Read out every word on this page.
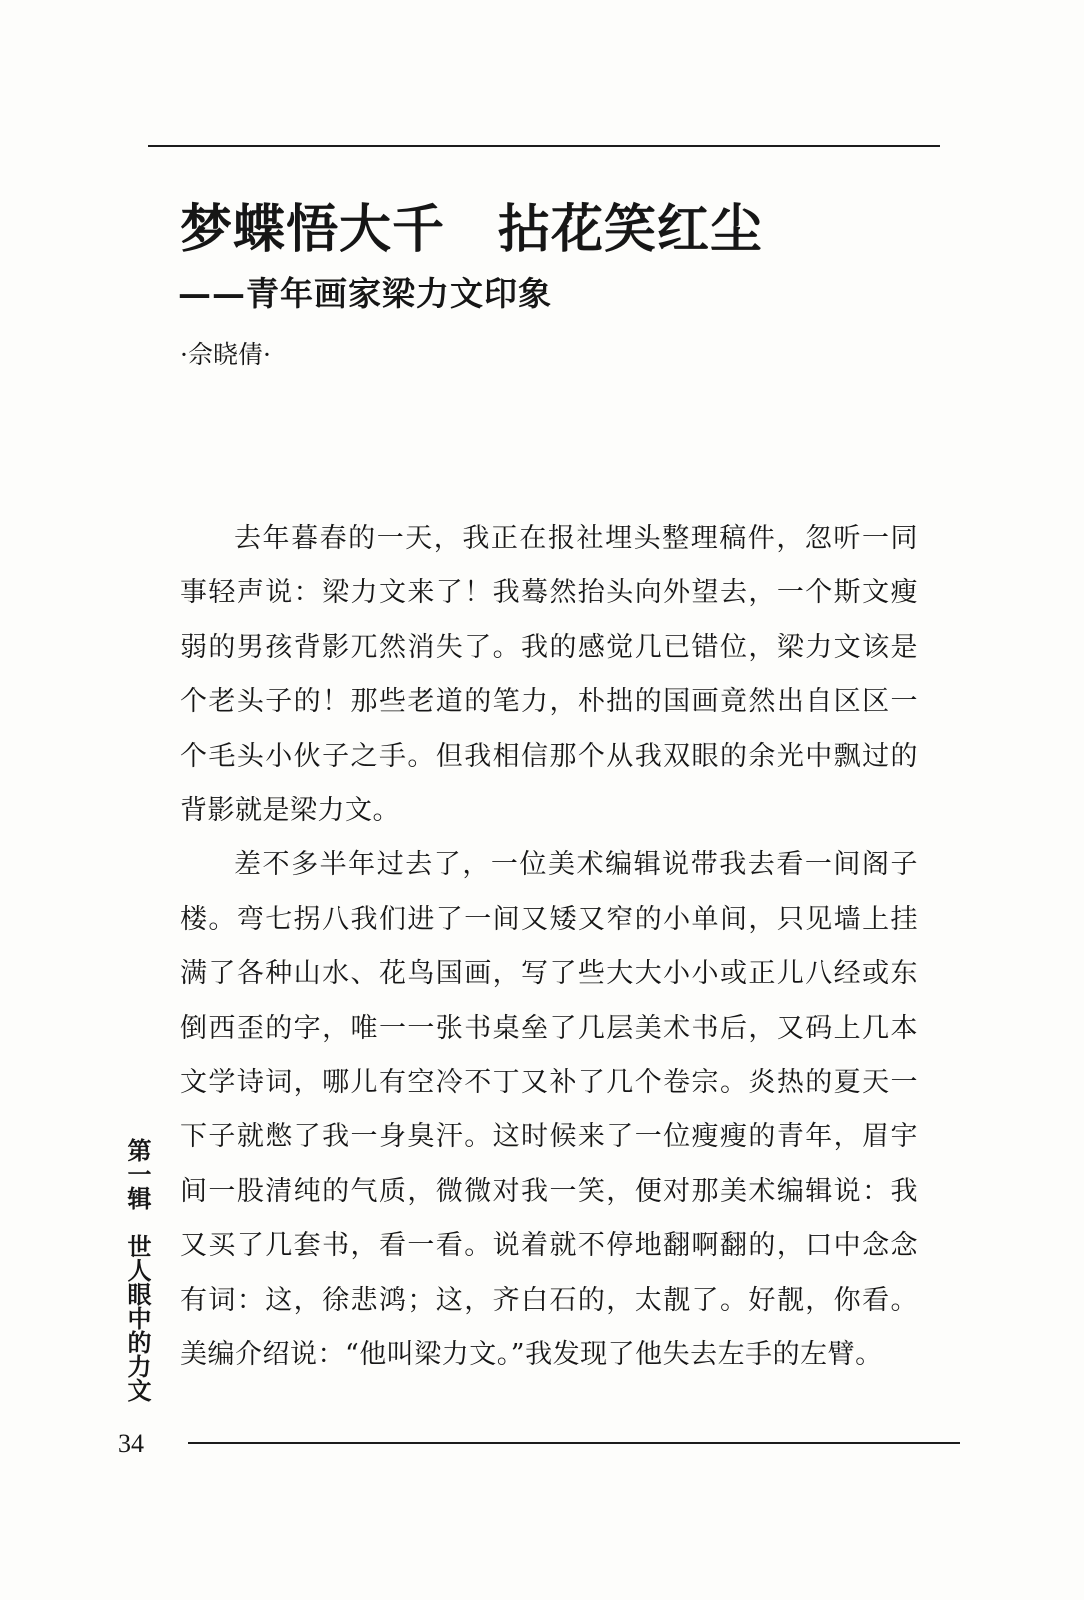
梦蝶悟大千　拈花笑红尘
——青年画家梁力文印象
·佘晓倩·

去年暮春的一天，我正在报社埋头整理稿件，忽听一同事轻声说：梁力文来了！我蓦然抬头向外望去，一个斯文瘦弱的男孩背影兀然消失了。我的感觉几已错位，梁力文该是个老头子的！那些老道的笔力，朴拙的国画竟然出自区区一个毛头小伙子之手。但我相信那个从我双眼的余光中飘过的背影就是梁力文。

差不多半年过去了，一位美术编辑说带我去看一间阁子楼。弯七拐八我们进了一间又矮又窄的小单间，只见墙上挂满了各种山水、花鸟国画，写了些大大小小或正儿八经或东倒西歪的字，唯一一张书桌垒了几层美术书后，又码上几本文学诗词，哪儿有空冷不丁又补了几个卷宗。炎热的夏天一下子就憋了我一身臭汗。这时候来了一位瘦瘦的青年，眉宇间一股清纯的气质，微微对我一笑，便对那美术编辑说：我又买了几套书，看一看。说着就不停地翻啊翻的，口中念念有词：这，徐悲鸿；这，齐白石的，太靓了。好靓，你看。美编介绍说：“他叫梁力文。”我发现了他失去左手的左臂。

第一辑　世人眼中的力文
34
